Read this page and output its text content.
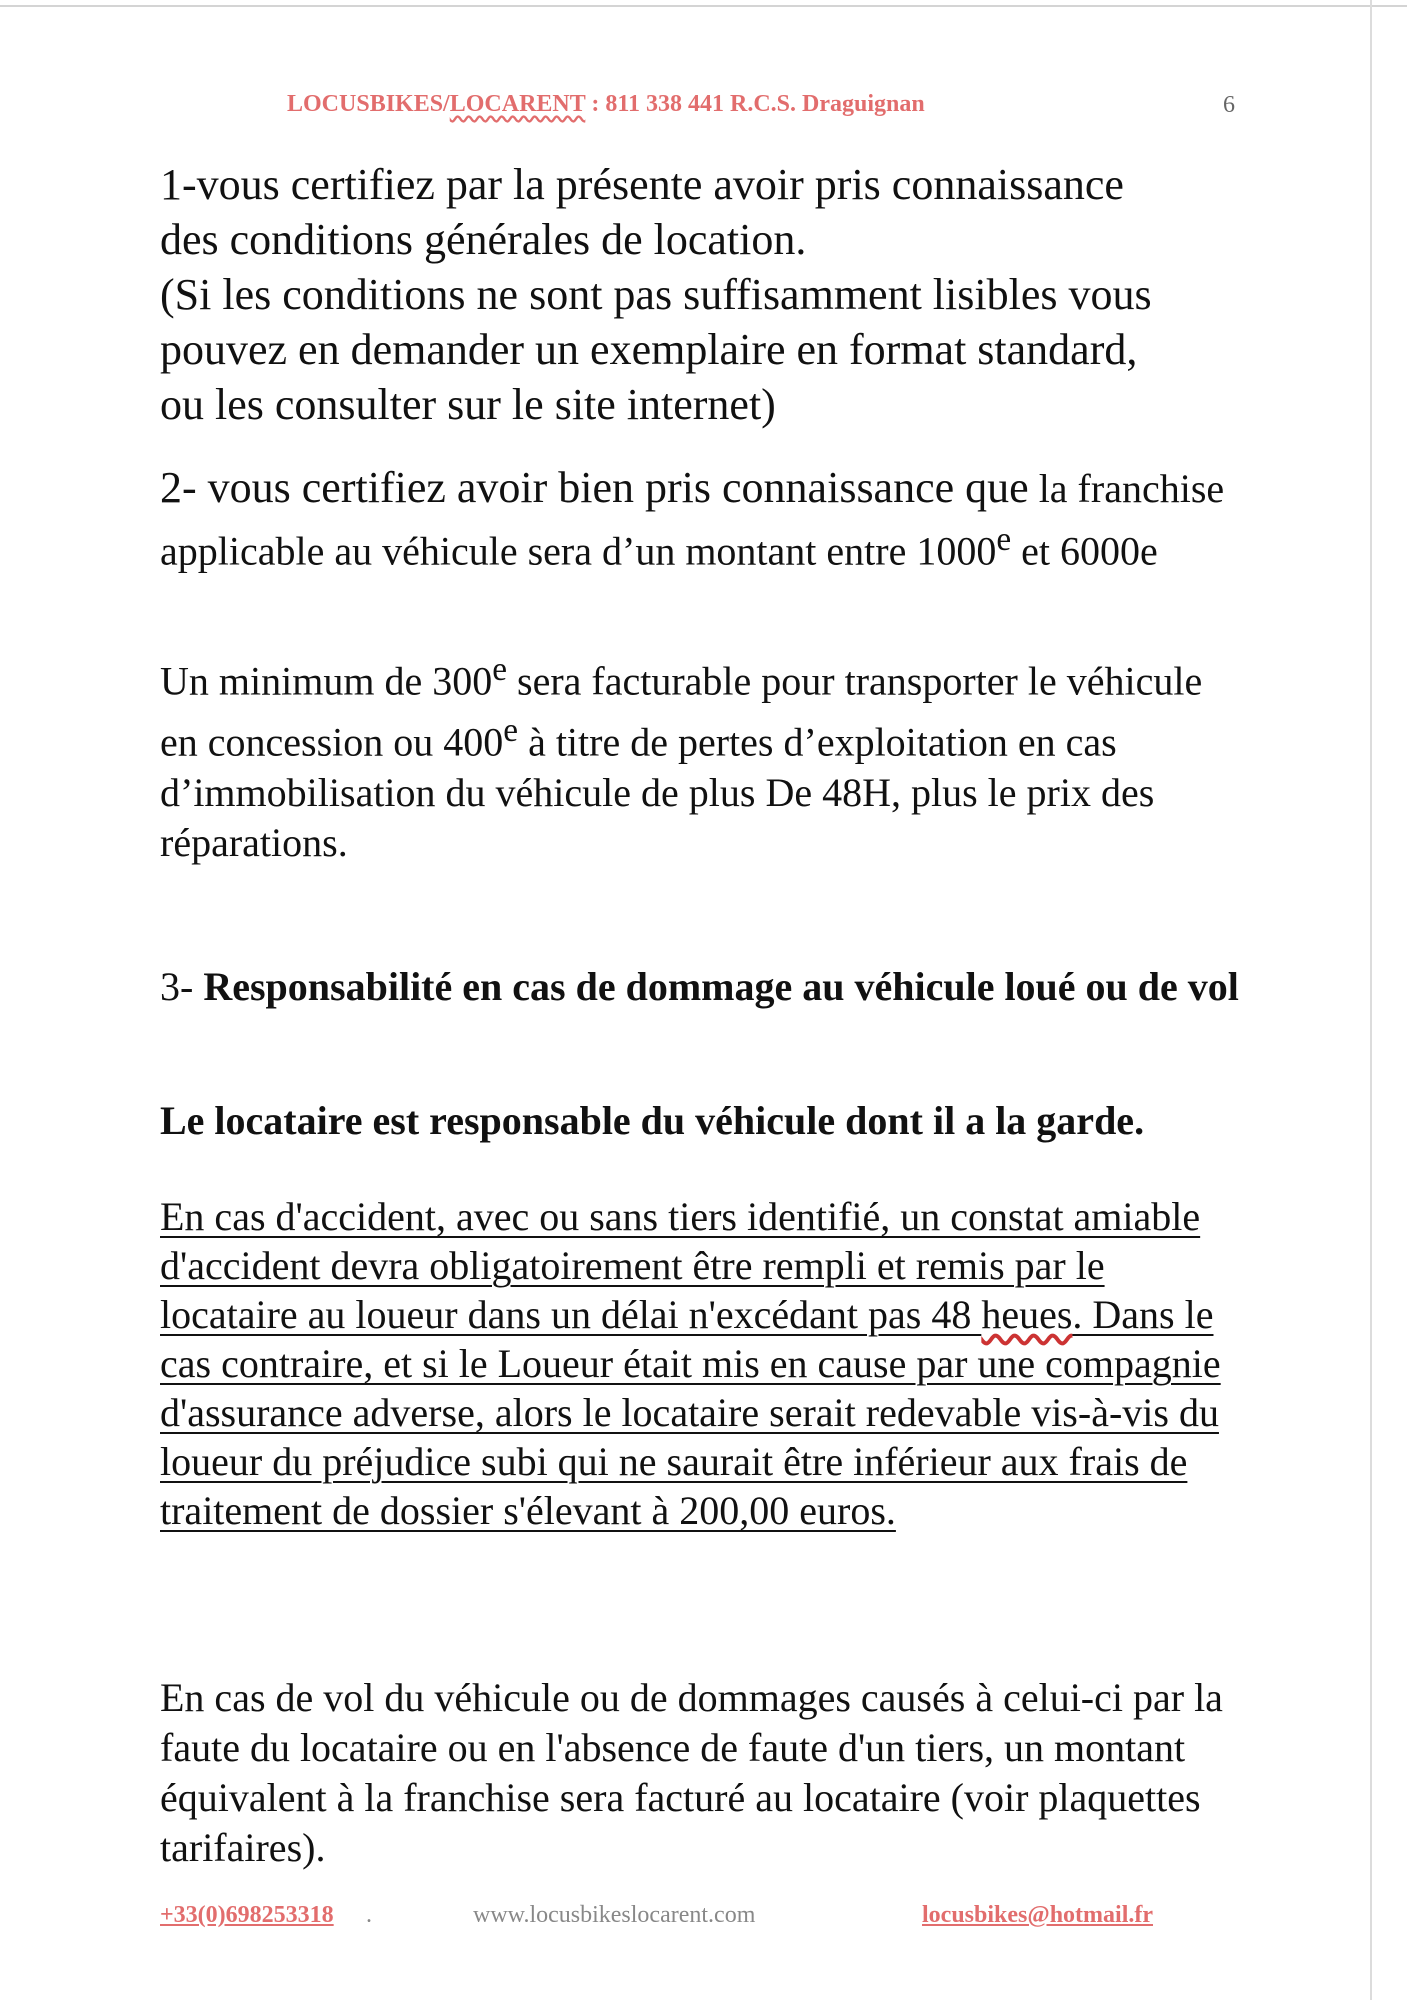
LOCUSBIKES/LOCARENT : 811 338 441 R.C.S. Draguignan	6
1-vous certifiez par la présente avoir pris connaissance
des conditions générales de location.
(Si les conditions ne sont pas suffisamment lisibles vous
pouvez en demander un exemplaire en format standard,
ou les consulter sur le site internet)

2- vous certifiez avoir bien pris connaissance que la franchise applicable au véhicule sera d’un montant entre 1000e et 6000e

Un minimum de 300e sera facturable pour transporter le véhicule en concession ou 400e à titre de pertes d’exploitation en cas d’immobilisation du véhicule de plus De 48H, plus le prix des réparations.

3- Responsabilité en cas de dommage au véhicule loué ou de vol

Le locataire est responsable du véhicule dont il a la garde.

En cas d'accident, avec ou sans tiers identifié, un constat amiable d'accident devra obligatoirement être rempli et remis par le locataire au loueur dans un délai n'excédant pas 48 heues. Dans le cas contraire, et si le Loueur était mis en cause par une compagnie d'assurance adverse, alors le locataire serait redevable vis-à-vis du loueur du préjudice subi qui ne saurait être inférieur aux frais de traitement de dossier s'élevant à 200,00 euros.

En cas de vol du véhicule ou de dommages causés à celui-ci par la faute du locataire ou en l'absence de faute d'un tiers, un montant équivalent à la franchise sera facturé au locataire (voir plaquettes tarifaires).

+33(0)698253318 .	www.locusbikeslocarent.com	locusbikes@hotmail.fr
